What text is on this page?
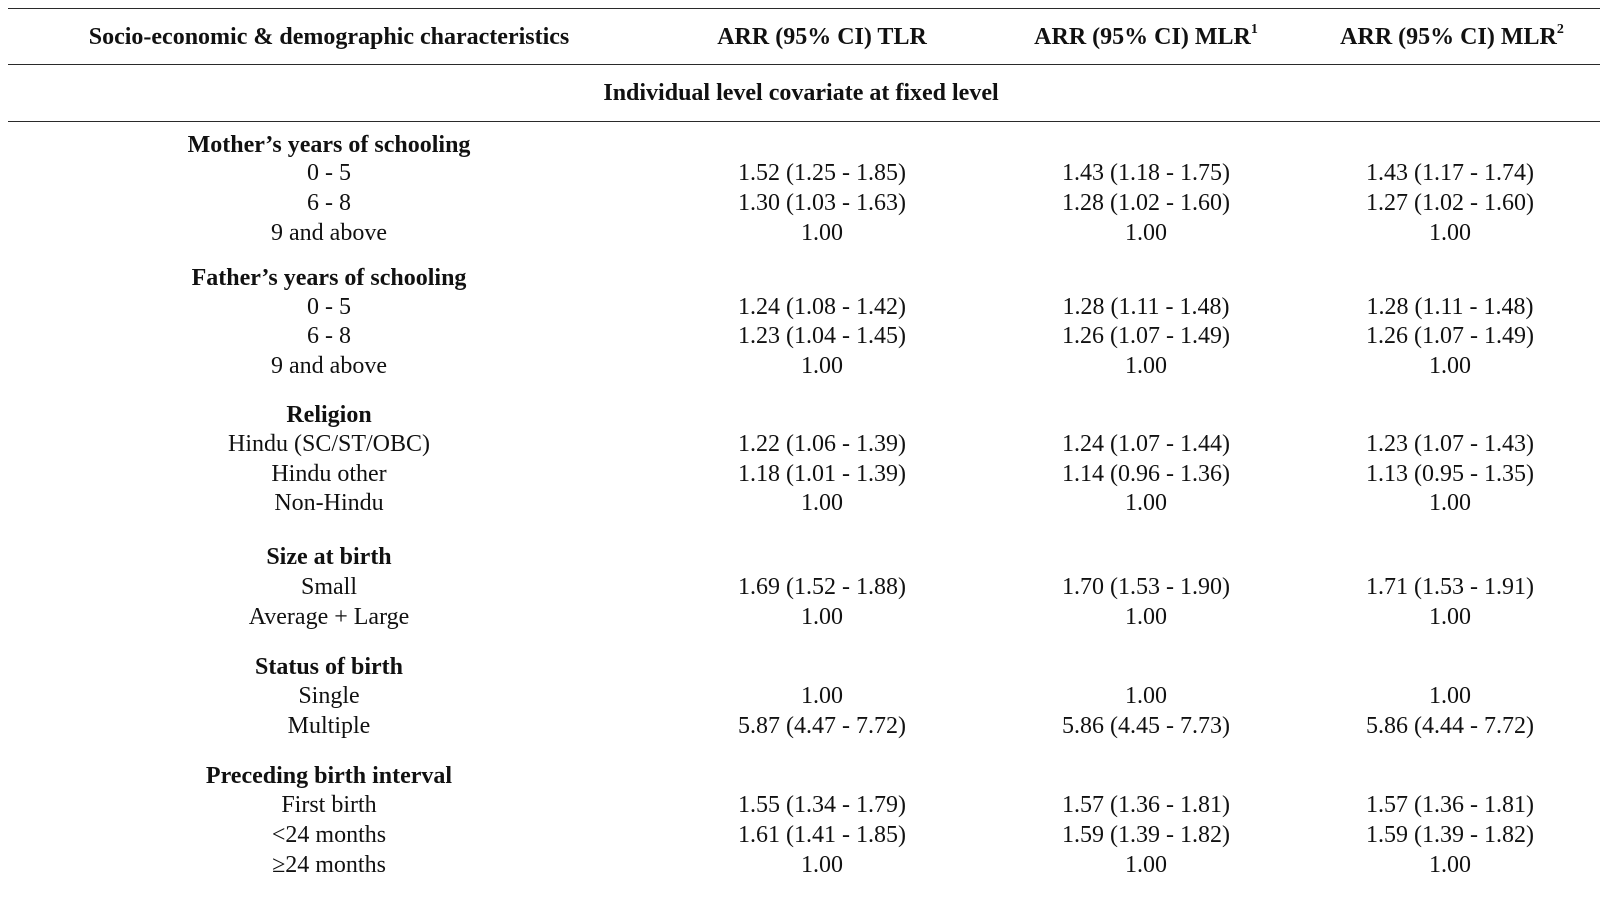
Socio-economic & demographic characteristics	ARR (95% CI) TLR	ARR (95% CI) MLR$^1$	ARR (95% CI) MLR$^2$
Individual level covariate at fixed level
Mother’s years of schooling
0 - 5	1.52 (1.25 - 1.85)	1.43 (1.18 - 1.75)	1.43 (1.17 - 1.74)
6 - 8	1.30 (1.03 - 1.63)	1.28 (1.02 - 1.60)	1.27 (1.02 - 1.60)
9 and above	1.00	1.00	1.00
Father’s years of schooling
0 - 5	1.24 (1.08 - 1.42)	1.28 (1.11 - 1.48)	1.28 (1.11 - 1.48)
6 - 8	1.23 (1.04 - 1.45)	1.26 (1.07 - 1.49)	1.26 (1.07 - 1.49)
9 and above	1.00	1.00	1.00
Religion
Hindu (SC/ST/OBC)	1.22 (1.06 - 1.39)	1.24 (1.07 - 1.44)	1.23 (1.07 - 1.43)
Hindu other	1.18 (1.01 - 1.39)	1.14 (0.96 - 1.36)	1.13 (0.95 - 1.35)
Non-Hindu	1.00	1.00	1.00
Size at birth
Small	1.69 (1.52 - 1.88)	1.70 (1.53 - 1.90)	1.71 (1.53 - 1.91)
Average + Large	1.00	1.00	1.00
Status of birth
Single	1.00	1.00	1.00
Multiple	5.87 (4.47 - 7.72)	5.86 (4.45 - 7.73)	5.86 (4.44 - 7.72)
Preceding birth interval
First birth	1.55 (1.34 - 1.79)	1.57 (1.36 - 1.81)	1.57 (1.36 - 1.81)
<24 months	1.61 (1.41 - 1.85)	1.59 (1.39 - 1.82)	1.59 (1.39 - 1.82)
≥24 months	1.00	1.00	1.00
